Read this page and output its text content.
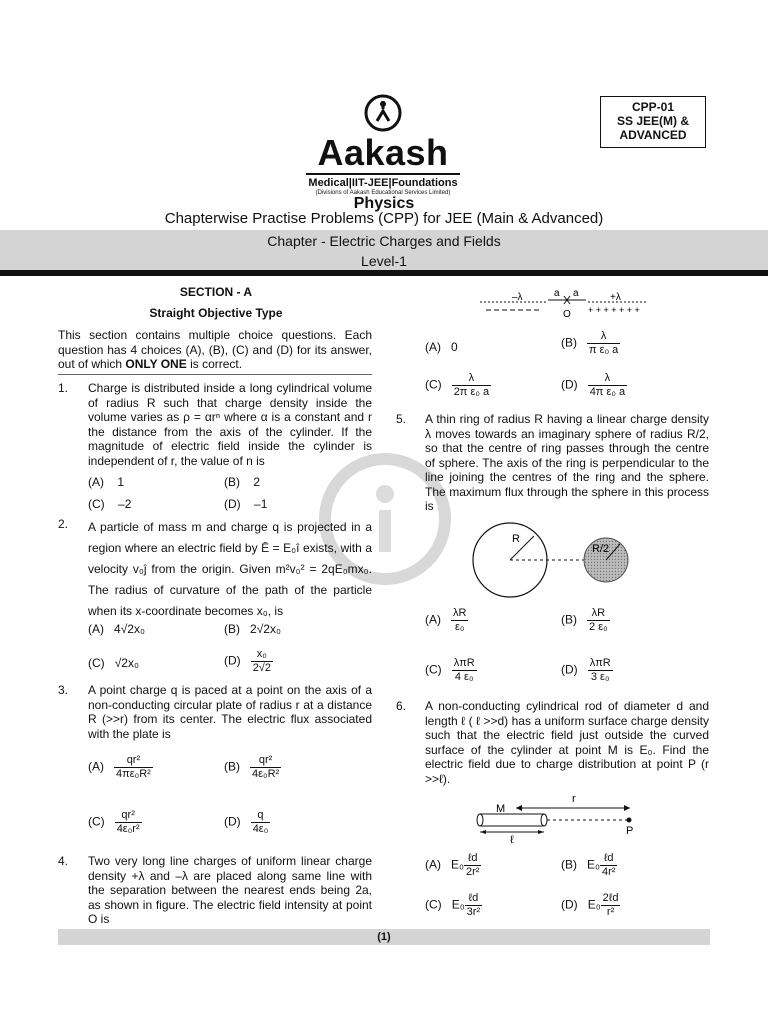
CPP-01
SS JEE(M) &
ADVANCED
Aakash
Medical|IIT-JEE|Foundations
(Divisions of Aakash Educational Services Limited)
Physics
Chapterwise Practise Problems (CPP) for JEE (Main & Advanced)
Chapter - Electric Charges and Fields
Level-1
SECTION - A
Straight Objective Type
This section contains multiple choice questions. Each question has 4 choices (A), (B), (C) and (D) for its answer, out of which ONLY ONE is correct.
1. Charge is distributed inside a long cylindrical volume of radius R such that charge density inside the volume varies as ρ = αrⁿ where α is a constant and r the distance from the axis of the cylinder. If the magnitude of electric field inside the cylinder is independent of r, the value of n is
(A) 1	(B) 2
(C) –2	(D) –1
2. A particle of mass m and charge q is projected in a region where an electric field by Ē = E₀î exists, with a velocity v₀ĵ from the origin. Given m²v₀² = 2qE₀mx₀. The radius of curvature of the path of the particle when its x-coordinate becomes x₀, is
(A) 4√2x₀	(B) 2√2x₀
(C) √2x₀	$(D) \frac{\text{x₀}}{2√2}$
3. A point charge q is paced at a point on the axis of a non-conducting circular plate of radius r at a distance R (>>r) from its center. The electric flux associated with the plate is
$(A) \frac{\text{qr²}}{\text{4πε₀R²}}$	$(B) \frac{\text{qr²}}{\text{4ε₀R²}}$
$(C) \frac{\text{qr²}}{\text{4ε₀r²}}$	$(D) \frac{q}{\text{4ε₀}}$
4. Two very long line charges of uniform linear charge density +λ and –λ are placed along same line with the separation between the nearest ends being 2a, as shown in figure. The electric field intensity at point O is
–λ	a a	+λ
O + + + + + + +
(A) 0	$(B) \frac{\lambda}{\text{π ε₀ a}}$
$(C) \frac{\lambda}{\text{2π ε₀ a}}$	$(D) \frac{\lambda}{\text{4π ε₀ a}}$
5. A thin ring of radius R having a linear charge density λ moves towards an imaginary sphere of radius R/2, so that the centre of ring passes through the centre of sphere. The axis of the ring is perpendicular to the line joining the centres of the ring and the sphere. The maximum flux through the sphere in this process is
R
R/2
$(A) \frac{\lambda R}{\text{ε₀}}$	$(B) \frac{\lambda R}{\text{2 ε₀}}$
$(C) \frac{\text{λπR}}{\text{4 ε₀}}$	$(D) \frac{\text{λπR}}{\text{3 ε₀}}$
6. A non-conducting cylindrical rod of diameter d and length ℓ ( ℓ >>d) has a uniform surface charge density such that the electric field just outside the curved surface of the cylinder at point M is E₀. Find the electric field due to charge distribution at point P (r >>ℓ).
M
r
P
ℓ
(A) $E_0 \frac{\text{ℓd}}{\text{2r²}}$	(B) $E_0 \frac{\text{ℓd}}{\text{4r²}}$
(C) $E_0 \frac{\text{ℓd}}{\text{3r²}}$	(D) $E_0 \frac{\text{2ℓd}}{\text{r²}}$
(1)
